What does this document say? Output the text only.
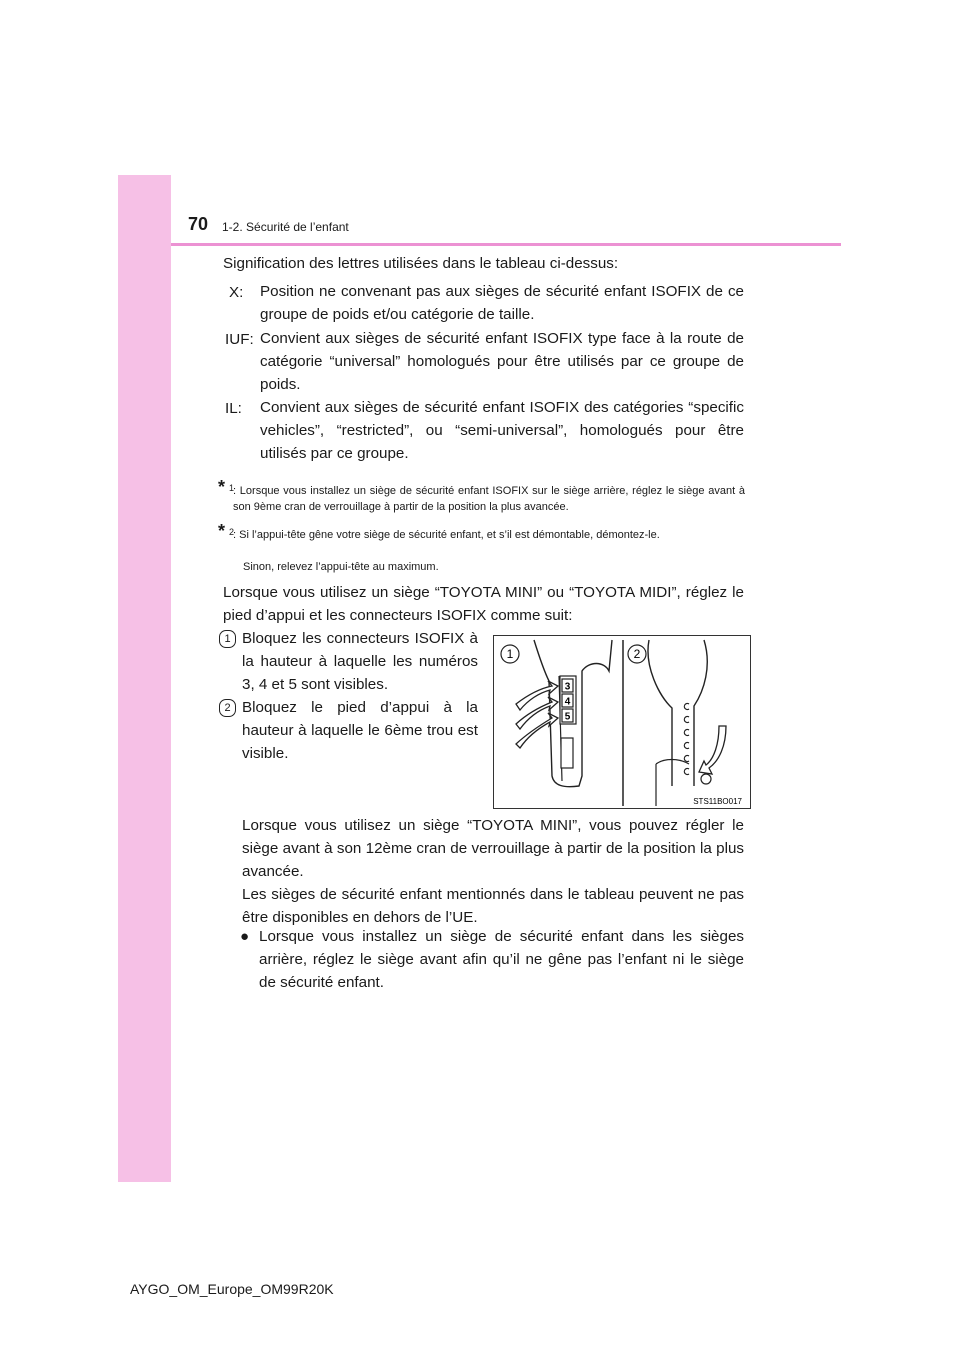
70 1-2. Sécurité de l’enfant
Signification des lettres utilisées dans le tableau ci-dessus:
X: Position ne convenant pas aux sièges de sécurité enfant ISOFIX de ce groupe de poids et/ou catégorie de taille.
IUF: Convient aux sièges de sécurité enfant ISOFIX type face à la route de catégorie “universal” homologués pour être utilisés par ce groupe de poids.
IL: Convient aux sièges de sécurité enfant ISOFIX des catégories “specific vehicles”, “restricted”, ou “semi-universal”, homologués pour être utilisés par ce groupe.
* 1
: Lorsque vous installez un siège de sécurité enfant ISOFIX sur le siège arrière, réglez le siège avant à son 9ème cran de verrouillage à partir de la position la plus avancée.
* 2
: Si l’appui-tête gêne votre siège de sécurité enfant, et s’il est démontable, démontez-le.
Sinon, relevez l’appui-tête au maximum.
Lorsque vous utilisez un siège “TOYOTA MINI” ou “TOYOTA MIDI”, réglez le pied d’appui et les connecteurs ISOFIX comme suit:
1 Bloquez les connecteurs ISOFIX à la hauteur à laquelle les numéros 3, 4 et 5 sont visibles.
2 Bloquez le pied d’appui à la hauteur à laquelle le 6ème trou est visible.
3
4
5
1	2
STS11BO017
Lorsque vous utilisez un siège “TOYOTA MINI”, vous pouvez régler le siège avant à son 12ème cran de verrouillage à partir de la position la plus avancée.
Les sièges de sécurité enfant mentionnés dans le tableau peuvent ne pas être disponibles en dehors de l’UE.
● Lorsque vous installez un siège de sécurité enfant dans les sièges arrière, réglez le siège avant afin qu’il ne gêne pas l’enfant ni le siège de sécurité enfant.
AYGO_OM_Europe_OM99R20K
